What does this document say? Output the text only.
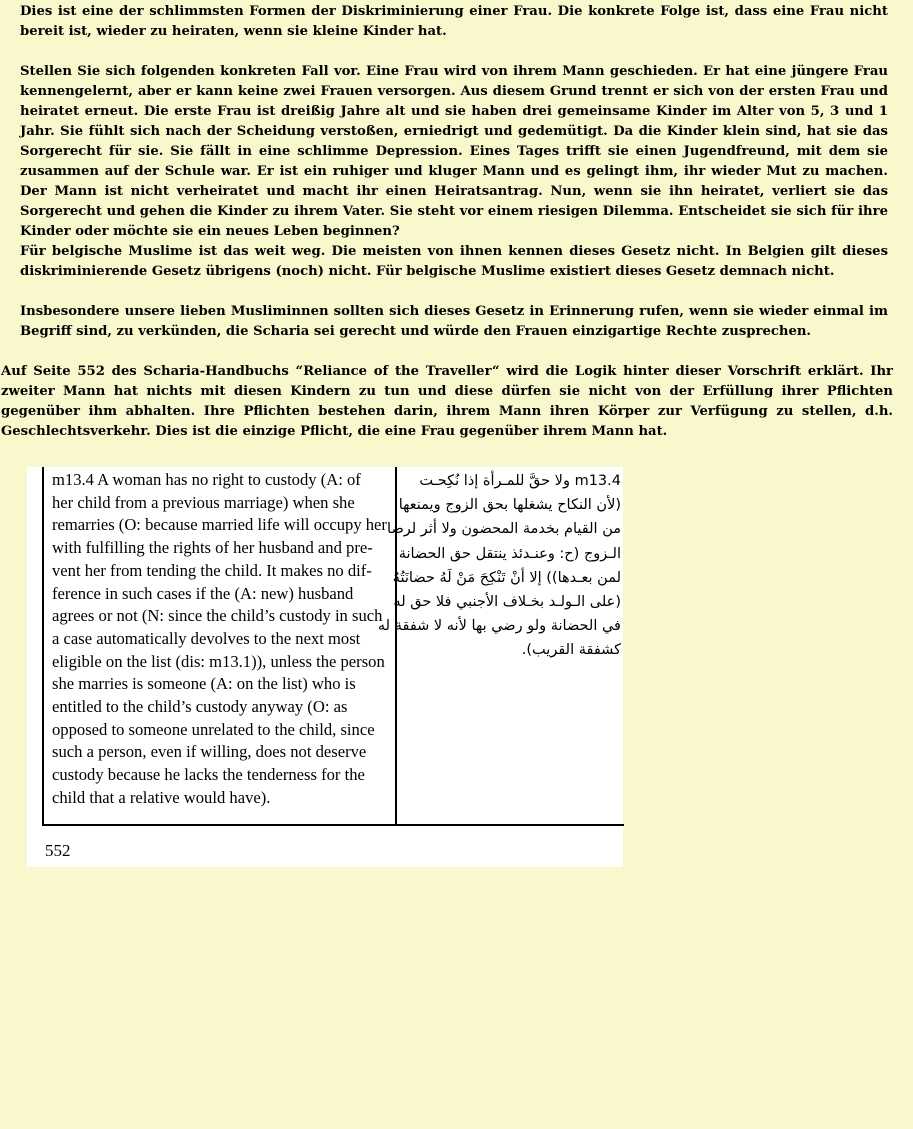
Dies ist eine der schlimmsten Formen der Diskriminierung einer Frau. Die konkrete Folge ist, dass eine Frau nicht bereit ist, wieder zu heiraten, wenn sie kleine Kinder hat.

Stellen Sie sich folgenden konkreten Fall vor. Eine Frau wird von ihrem Mann geschieden. Er hat eine jüngere Frau kennengelernt, aber er kann keine zwei Frauen versorgen. Aus diesem Grund trennt er sich von der ersten Frau und heiratet erneut. Die erste Frau ist dreißig Jahre alt und sie haben drei gemeinsame Kinder im Alter von 5, 3 und 1 Jahr. Sie fühlt sich nach der Scheidung verstoßen, erniedrigt und gedemütigt. Da die Kinder klein sind, hat sie das Sorgerecht für sie. Sie fällt in eine schlimme Depression. Eines Tages trifft sie einen Jugendfreund, mit dem sie zusammen auf der Schule war. Er ist ein ruhiger und kluger Mann und es gelingt ihm, ihr wieder Mut zu machen. Der Mann ist nicht verheiratet und macht ihr einen Heiratsantrag. Nun, wenn sie ihn heiratet, verliert sie das Sorgerecht und gehen die Kinder zu ihrem Vater. Sie steht vor einem riesigen Dilemma. Entscheidet sie sich für ihre Kinder oder möchte sie ein neues Leben beginnen?

Für belgische Muslime ist das weit weg. Die meisten von ihnen kennen dieses Gesetz nicht. In Belgien gilt dieses diskriminierende Gesetz übrigens (noch) nicht. Für belgische Muslime existiert dieses Gesetz demnach nicht.

Insbesondere unsere lieben Musliminnen sollten sich dieses Gesetz in Erinnerung rufen, wenn sie wieder einmal im Begriff sind, zu verkünden, die Scharia sei gerecht und würde den Frauen einzigartige Rechte zusprechen.

Auf Seite 552 des Scharia-Handbuchs “Reliance of the Traveller“ wird die Logik hinter dieser Vorschrift erklärt. Ihr zweiter Mann hat nichts mit diesen Kindern zu tun und diese dürfen sie nicht von der Erfüllung ihrer Pflichten gegenüber ihm abhalten. Ihre Pflichten bestehen darin, ihrem Mann ihren Körper zur Verfügung zu stellen, d.h. Geschlechtsverkehr. Dies ist die einzige Pflicht, die eine Frau gegenüber ihrem Mann hat.

m13.4 A woman has no right to custody (A: of
her child from a previous marriage) when she
remarries (O: because married life will occupy her
with fulfilling the rights of her husband and pre-
vent her from tending the child. It makes no dif-
ference in such cases if the (A: new) husband
agrees or not (N: since the child’s custody in such
a case automatically devolves to the next most
eligible on the list (dis: m13.1)), unless the person
she marries is someone (A: on the list) who is
entitled to the child’s custody anyway (O: as
opposed to someone unrelated to the child, since
such a person, even if willing, does not deserve
custody because he lacks the tenderness for the
child that a relative would have).
m13.4 ولا حقَّ للمـرأة إذا نُكِحـت
(لأن النكاح يشغلها بحق الزوج ويمنعها
من القيام بخدمة المحضون ولا أثر لرضا
الـزوج (ح: وعنـدئذ ينتقل حق الحضانة
لمن بعـدها)) إلا أنْ تَنْكِحَ مَنْ لَهُ حضانَتُهُ
(على الـولـد بخـلاف الأجنبي فلا حق له
في الحضانة ولو رضي بها لأنه لا شفقة له
كشفقة القريب).
552
